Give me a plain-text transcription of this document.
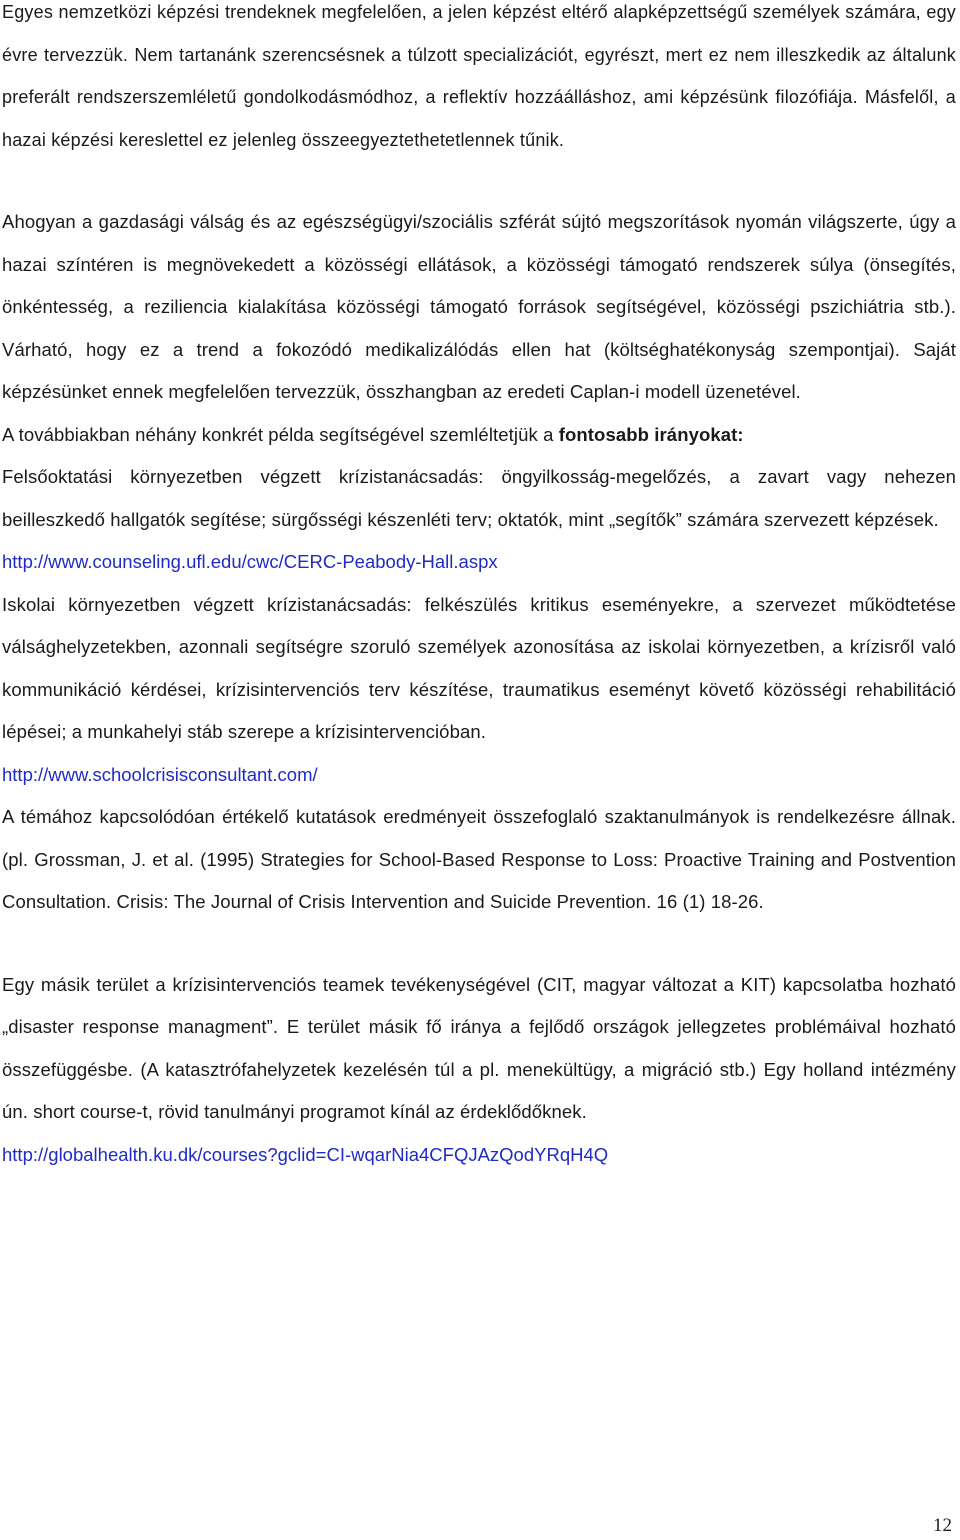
Egyes nemzetközi képzési trendeknek megfelelően, a jelen képzést eltérő alapképzettségű személyek számára, egy évre tervezzük. Nem tartanánk szerencsésnek a túlzott specializációt, egyrészt, mert ez nem illeszkedik az általunk preferált rendszerszemléletű gondolkodásmódhoz, a reflektív hozzáálláshoz, ami képzésünk filozófiája. Másfelől, a hazai képzési kereslettel ez jelenleg összeegyeztethetetlennek tűnik.

Ahogyan a gazdasági válság és az egészségügyi/szociális szférát sújtó megszorítások nyomán világszerte, úgy a hazai színtéren is megnövekedett a közösségi ellátások, a közösségi támogató rendszerek súlya (önsegítés, önkéntesség, a reziliencia kialakítása közösségi támogató források segítségével, közösségi pszichiátria stb.). Várható, hogy ez a trend a fokozódó medikalizálódás ellen hat (költséghatékonyság szempontjai). Saját képzésünket ennek megfelelően tervezzük, összhangban az eredeti Caplan-i modell üzenetével.

A továbbiakban néhány konkrét példa segítségével szemléltetjük a fontosabb irányokat:

Felsőoktatási környezetben végzett krízistanácsadás: öngyilkosság-megelőzés, a zavart vagy nehezen beilleszkedő hallgatók segítése; sürgősségi készenléti terv; oktatók, mint „segítők” számára szervezett képzések.

http://www.counseling.ufl.edu/cwc/CERC-Peabody-Hall.aspx

Iskolai környezetben végzett krízistanácsadás: felkészülés kritikus eseményekre, a szervezet működtetése válsághelyzetekben, azonnali segítségre szoruló személyek azonosítása az iskolai környezetben, a krízisről való kommunikáció kérdései, krízisintervenciós terv készítése, traumatikus eseményt követő közösségi rehabilitáció lépései; a munkahelyi stáb szerepe a krízisintervencióban.

http://www.schoolcrisisconsultant.com/

A témához kapcsolódóan értékelő kutatások eredményeit összefoglaló szaktanulmányok is rendelkezésre állnak. (pl. Grossman, J. et al. (1995) Strategies for School-Based Response to Loss: Proactive Training and Postvention Consultation. Crisis: The Journal of Crisis Intervention and Suicide Prevention. 16 (1) 18-26.

Egy másik terület a krízisintervenciós teamek tevékenységével (CIT, magyar változat a KIT) kapcsolatba hozható „disaster response managment”. E terület másik fő iránya a fejlődő országok jellegzetes problémáival hozható összefüggésbe. (A katasztrófahelyzetek kezelésén túl a pl. menekültügy, a migráció stb.) Egy holland intézmény ún. short course-t, rövid tanulmányi programot kínál az érdeklődőknek.

http://globalhealth.ku.dk/courses?gclid=CI-wqarNia4CFQJAzQodYRqH4Q
12
